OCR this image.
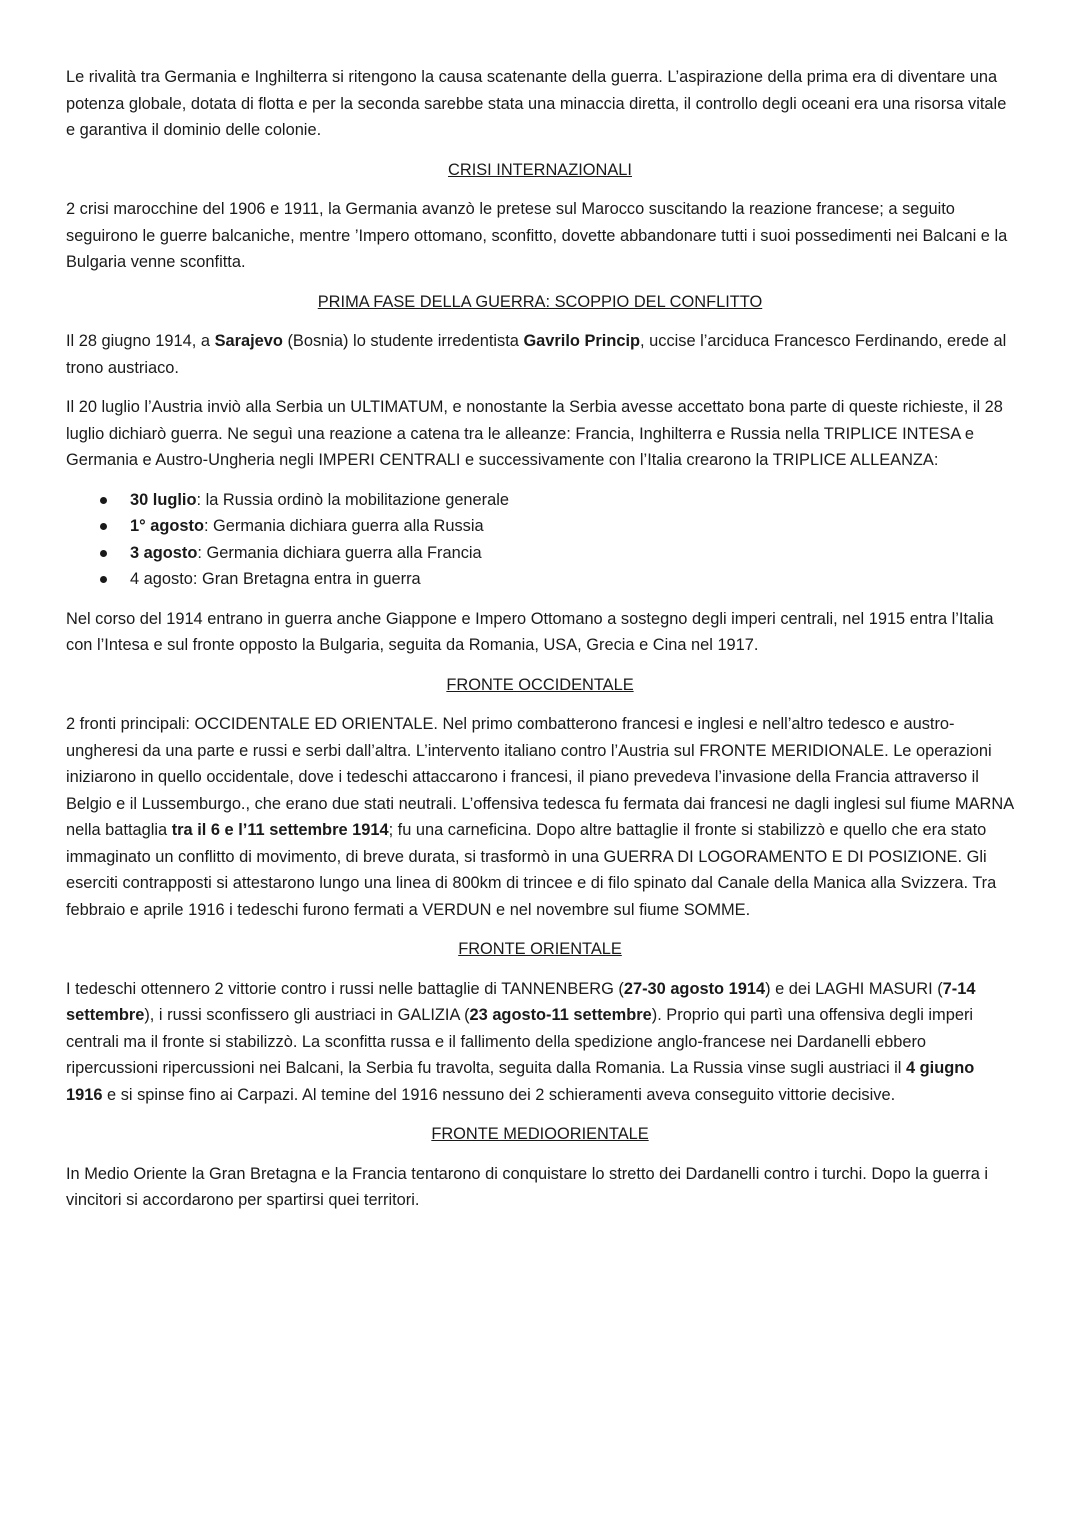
Le rivalità tra Germania e Inghilterra si ritengono la causa scatenante della guerra. L’aspirazione della prima era di diventare una potenza globale, dotata di flotta e per la seconda sarebbe stata una minaccia diretta, il controllo degli oceani era una risorsa vitale e garantiva il dominio delle colonie.

CRISI INTERNAZIONALI

2 crisi marocchine del 1906 e 1911, la Germania avanzò le pretese sul Marocco suscitando la reazione francese; a seguito seguirono le guerre balcaniche, mentre ’Impero ottomano, sconfitto, dovette abbandonare tutti i suoi possedimenti nei Balcani e la Bulgaria venne sconfitta.

PRIMA FASE DELLA GUERRA: SCOPPIO DEL CONFLITTO

Il 28 giugno 1914, a Sarajevo (Bosnia) lo studente irredentista Gavrilo Princip, uccise l’arciduca Francesco Ferdinando, erede al trono austriaco.

Il 20 luglio l’Austria inviò alla Serbia un ULTIMATUM, e nonostante la Serbia avesse accettato bona parte di queste richieste, il 28 luglio dichiarò guerra. Ne seguì una reazione a catena tra le alleanze: Francia, Inghilterra e Russia nella TRIPLICE INTESA e Germania e Austro-Ungheria negli IMPERI CENTRALI e successivamente con l’Italia crearono la TRIPLICE ALLEANZA:

30 luglio: la Russia ordinò la mobilitazione generale
1° agosto: Germania dichiara guerra alla Russia
3 agosto: Germania dichiara guerra alla Francia
4 agosto: Gran Bretagna entra in guerra

Nel corso del 1914 entrano in guerra anche Giappone e Impero Ottomano a sostegno degli imperi centrali, nel 1915 entra l’Italia con l’Intesa e sul fronte opposto la Bulgaria, seguita da Romania, USA, Grecia e Cina nel 1917.

FRONTE OCCIDENTALE

2 fronti principali: OCCIDENTALE ED ORIENTALE. Nel primo combatterono francesi e inglesi e nell’altro tedesco e austro-ungheresi da una parte e russi e serbi dall’altra. L’intervento italiano contro l’Austria sul FRONTE MERIDIONALE. Le operazioni iniziarono in quello occidentale, dove i tedeschi attaccarono i francesi, il piano prevedeva l’invasione della Francia attraverso il Belgio e il Lussemburgo., che erano due stati neutrali. L’offensiva tedesca fu fermata dai francesi ne dagli inglesi sul fiume MARNA nella battaglia tra il 6 e l’11 settembre 1914; fu una carneficina. Dopo altre battaglie il fronte si stabilizzò e quello che era stato immaginato un conflitto di movimento, di breve durata, si trasformò in una GUERRA DI LOGORAMENTO E DI POSIZIONE. Gli eserciti contrapposti si attestarono lungo una linea di 800km di trincee e di filo spinato dal Canale della Manica alla Svizzera. Tra febbraio e aprile 1916 i tedeschi furono fermati a VERDUN e nel novembre sul fiume SOMME.

FRONTE ORIENTALE

I tedeschi ottennero 2 vittorie contro i russi nelle battaglie di TANNENBERG (27-30 agosto 1914) e dei LAGHI MASURI (7-14 settembre), i russi sconfissero gli austriaci in GALIZIA (23 agosto-11 settembre). Proprio qui partì una offensiva degli imperi centrali ma il fronte si stabilizzò. La sconfitta russa e il fallimento della spedizione anglo-francese nei Dardanelli ebbero ripercussioni ripercussioni nei Balcani, la Serbia fu travolta, seguita dalla Romania. La Russia vinse sugli austriaci il 4 giugno 1916 e si spinse fino ai Carpazi. Al temine del 1916 nessuno dei 2 schieramenti aveva conseguito vittorie decisive.

FRONTE MEDIOORIENTALE

In Medio Oriente la Gran Bretagna e la Francia tentarono di conquistare lo stretto dei Dardanelli contro i turchi. Dopo la guerra i vincitori si accordarono per spartirsi quei territori.
